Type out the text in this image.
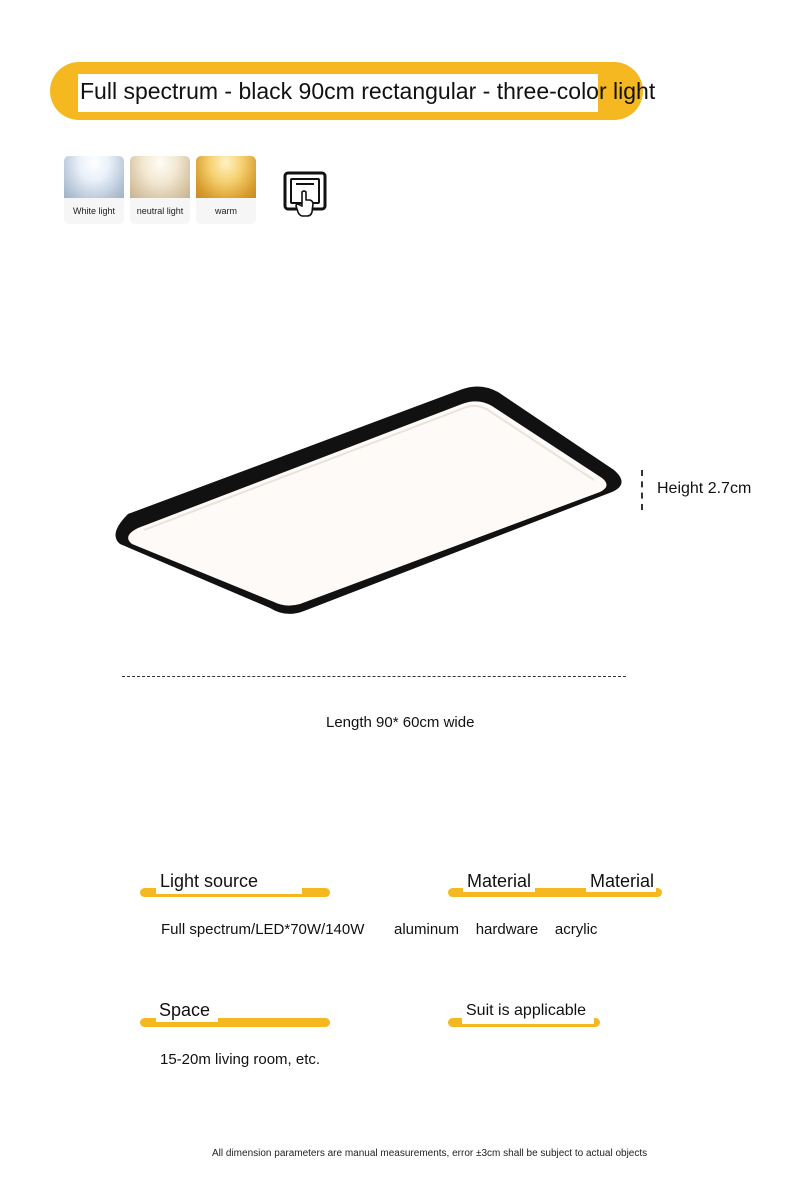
Full spectrum - black 90cm rectangular - three-color light
White light	neutral light	warm
Height 2.7cm
Length 90* 60cm wide
Light source
Full spectrum/LED*70W/140W
Material	Material
aluminum    hardware    acrylic
Space
15-20m living room, etc.
Suit is applicable
All dimension parameters are manual measurements, error ±3cm shall be subject to actual objects
